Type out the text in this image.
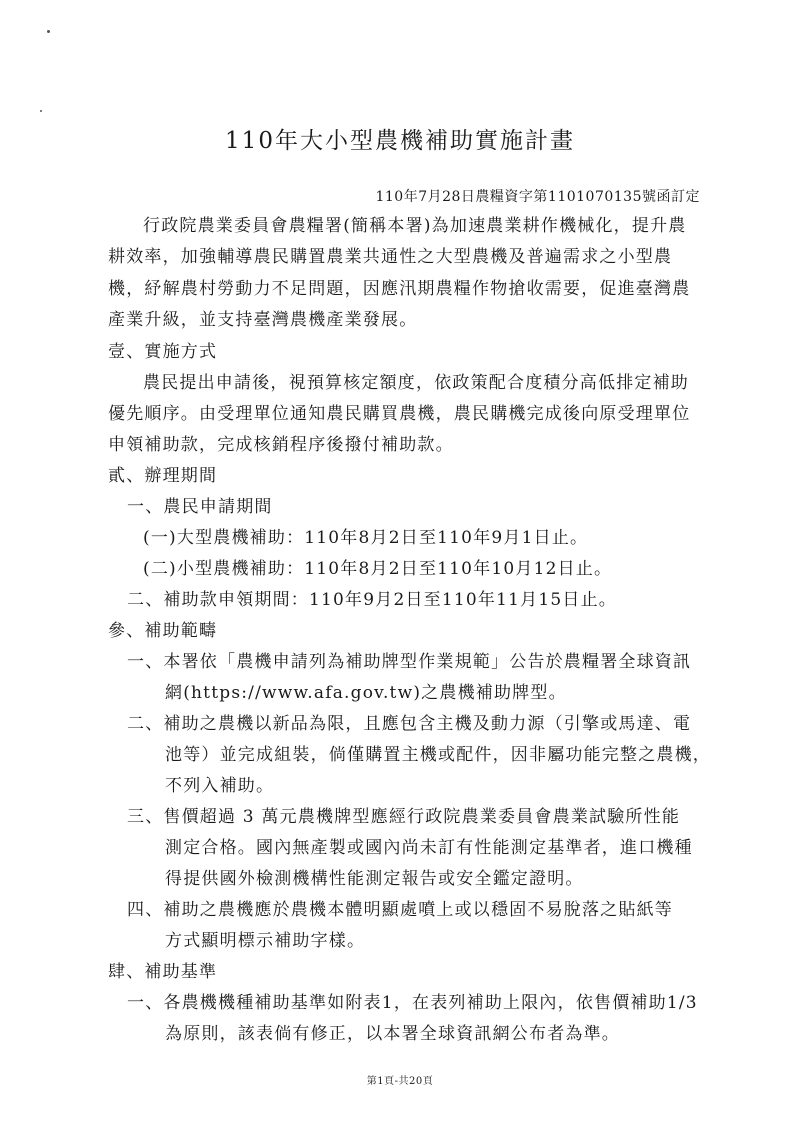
110年大小型農機補助實施計畫
110年7月28日農糧資字第1101070135號函訂定
行政院農業委員會農糧署(簡稱本署)為加速農業耕作機械化，提升農
耕效率，加強輔導農民購置農業共通性之大型農機及普遍需求之小型農
機，紓解農村勞動力不足問題，因應汛期農糧作物搶收需要，促進臺灣農
產業升級，並支持臺灣農機產業發展。
壹、實施方式
農民提出申請後，視預算核定額度，依政策配合度積分高低排定補助
優先順序。由受理單位通知農民購買農機，農民購機完成後向原受理單位
申領補助款，完成核銷程序後撥付補助款。
貳、辦理期間
一、農民申請期間
(一)大型農機補助：110年8月2日至110年9月1日止。
(二)小型農機補助：110年8月2日至110年10月12日止。
二、補助款申領期間：110年9月2日至110年11月15日止。
參、補助範疇
一、本署依「農機申請列為補助牌型作業規範」公告於農糧署全球資訊
網(https://www.afa.gov.tw)之農機補助牌型。
二、補助之農機以新品為限，且應包含主機及動力源（引擎或馬達、電
池等）並完成組裝，倘僅購置主機或配件，因非屬功能完整之農機，
不列入補助。
三、售價超過 3 萬元農機牌型應經行政院農業委員會農業試驗所性能
測定合格。國內無產製或國內尚未訂有性能測定基準者，進口機種
得提供國外檢測機構性能測定報告或安全鑑定證明。
四、補助之農機應於農機本體明顯處噴上或以穩固不易脫落之貼紙等
方式顯明標示補助字樣。
肆、補助基準
一、各農機機種補助基準如附表1，在表列補助上限內，依售價補助1/3
為原則，該表倘有修正，以本署全球資訊網公布者為準。
第1頁-共20頁
